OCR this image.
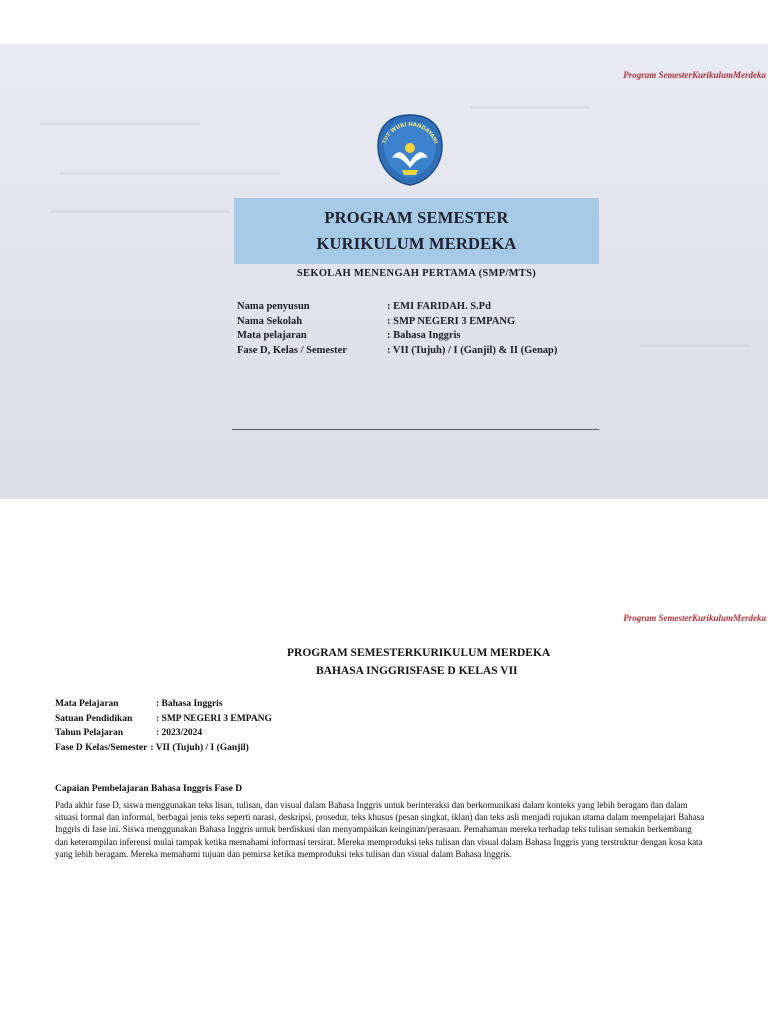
Program SemesterKurikulumMerdeka
TUT WURI HANDAYANI
PROGRAM SEMESTER
KURIKULUM MERDEKA
SEKOLAH MENENGAH PERTAMA (SMP/MTS)
Nama penyusun	: EMI FARIDAH. S.Pd
Nama Sekolah	: SMP NEGERI 3 EMPANG
Mata pelajaran	: Bahasa Inggris
Fase D, Kelas / Semester	: VII (Tujuh) / I (Ganjil) & II (Genap)
Program SemesterKurikulumMerdeka
PROGRAM SEMESTERKURIKULUM MERDEKA
BAHASA INGGRISFASE D KELAS VII
Mata Pelajaran	: Bahasa Inggris
Satuan Pendidikan	: SMP NEGERI 3 EMPANG
Tahun Pelajaran	: 2023/2024
Fase D Kelas/Semester : VII (Tujuh) / I (Ganjil)
Capaian Pembelajaran Bahasa Inggris Fase D
Pada akhir fase D, siswa menggunakan teks lisan, tulisan, dan visual dalam Bahasa Inggris untuk berinteraksi dan berkomunikasi dalam konteks yang lebih beragam dan dalam
situasi formal dan informal, berbagai jenis teks seperti narasi, deskripsi, prosedur, teks khusus (pesan singkat, iklan) dan teks asli menjadi rujukan utama dalam mempelajari Bahasa
Inggris di fase ini. Siswa menggunakan Bahasa Inggris untuk berdiskusi dan menyampaikan keinginan/perasaan. Pemahaman mereka terhadap teks tulisan semakin berkembang
dan keterampilan inferensi mulai tampak ketika memahami informasi tersirat. Mereka memproduksi teks tulisan dan visual dalam Bahasa Inggris yang terstruktur dengan kosa kata
yang lebih beragam. Mereka memahami tujuan dan pemirsa ketika memproduksi teks tulisan dan visual dalam Bahasa Inggris.
